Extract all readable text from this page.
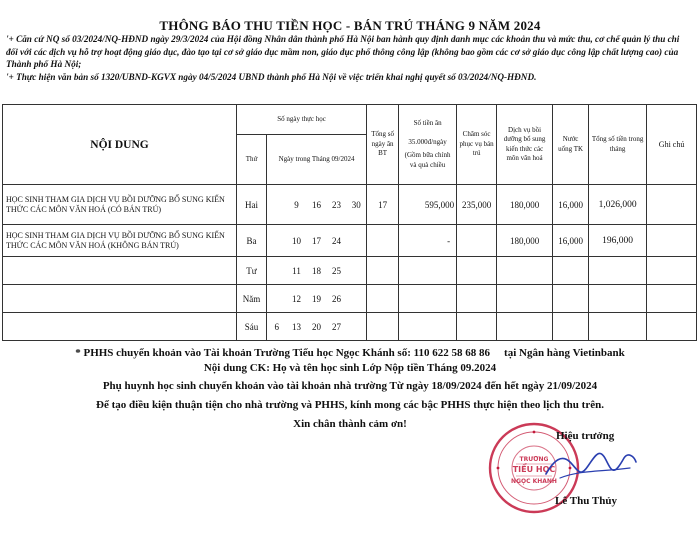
THÔNG BÁO THU TIỀN HỌC - BÁN TRÚ THÁNG 9 NĂM 2024
'+ Căn cứ NQ số 03/2024/NQ-HĐND ngày 29/3/2024 của Hội đồng Nhân dân thành phố Hà Nội ban hành quy định danh mục các khoản thu và mức thu, cơ chế quản lý thu chi đối với các dịch vụ hỗ trợ hoạt động giáo dục, đào tạo tại cơ sở giáo dục mầm non, giáo dục phổ thông công lập (không bao gồm các cơ sở giáo dục công lập chất lượng cao) của Thành phố Hà Nội;
'+ Thực hiện văn bản số 1320/UBND-KGVX ngày 04/5/2024 UBND thành phố Hà Nội về việc triển khai nghị quyết số 03/2024/NQ-HĐND.
NỘI DUNG	Số ngày thực học						Tổng số ngày ăn BT	Số tiền ăn
35.000đ/ngày
(Gồm bữa chính và quà chiều	Chăm sóc phục vụ bán trú	Dịch vụ bồi dưỡng bổ sung kiến thức các môn văn hoá	Nước uống TK	Tổng số tiền trong tháng	Ghi chú
	Thứ	Ngày trong Tháng 09/2024											
HỌC SINH THAM GIA DỊCH VỤ BỒI DƯỠNG BỔ SUNG KIẾN THỨC CÁC MÔN VĂN HOÁ (CÓ BÁN TRÚ)	Hai		9	16	23	30	17	595,000	235,000	180,000	16,000	1,026,000	
HỌC SINH THAM GIA DỊCH VỤ BỒI DƯỠNG BỔ SUNG KIẾN THỨC CÁC MÔN VĂN HOÁ (KHÔNG BÁN TRÚ)	Ba		10	17	24			-		180,000	16,000	196,000	
	Tư		11	18	25								
	Năm		12	19	26								
	Sáu	6	13	20	27								
* PHHS chuyển khoản vào Tài khoản Trường Tiểu học Ngọc Khánh số: 110 622 58 68 86 tại Ngân hàng Vietinbank
Nội dung CK: Họ và tên học sinh Lớp Nộp tiền Tháng 09.2024
Phụ huynh học sinh chuyển khoản vào tài khoản nhà trường Từ ngày 18/09/2024 đến hết ngày 21/09/2024
Để tạo điều kiện thuận tiện cho nhà trường và PHHS, kính mong các bậc PHHS thực hiện theo lịch thu trên.
Xin chân thành cảm ơn!
TRƯỜNG
TIỂU HỌC
NGỌC KHÁNH
Hiệu trưởng
Lê Thu Thủy
